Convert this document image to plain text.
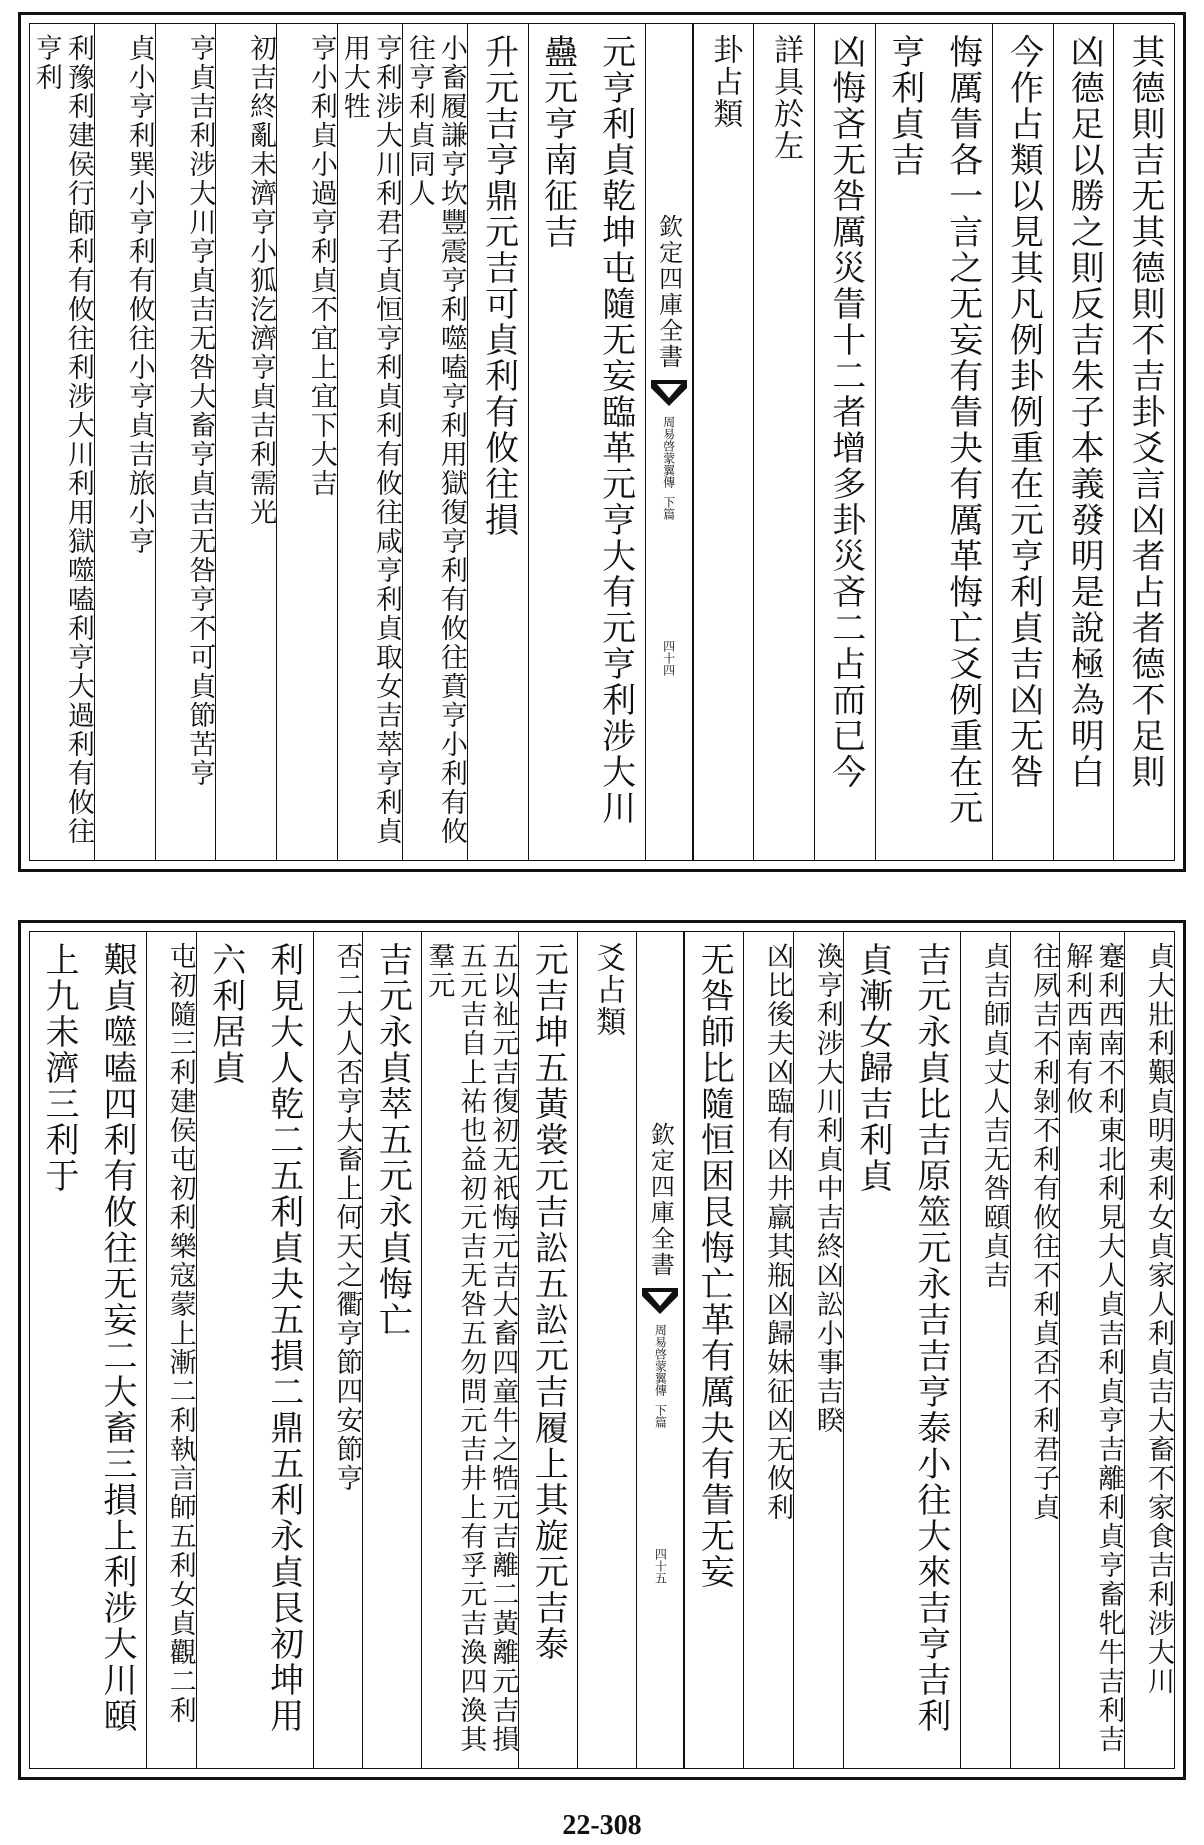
其德則吉无其德則不吉卦爻言凶者占者德不足則
凶德足以勝之則反吉朱子本義發明是說極為明白
今作占類以見其凡例卦例重在元亨利貞吉凶无咎
悔厲眚各一言之无妄有眚夬有厲革悔亡爻例重在元亨利貞吉
凶悔吝无咎厲災眚十二者增多卦災吝二占而已今
詳具於左
卦占類
欽定四庫全書周易啓蒙翼傳下篇四十四
元亨利貞乾坤屯隨无妄臨革元亨大有元亨利涉大川蠱元亨南征吉
升元吉亨鼎元吉可貞利有攸往損
小畜履謙亨坎豐震亨利噬嗑亨利用獄復亨利有攸往賁亨小利有攸往亨利貞同人
亨利涉大川利君子貞恒亨利貞利有攸往咸亨利貞取女吉萃亨利貞用大牲
亨小利貞小過亨利貞不宜上宜下大吉
初吉終亂未濟亨小狐汔濟亨貞吉利需光
亨貞吉利涉大川亨貞吉无咎大畜亨貞吉无咎亨不可貞節苦亨
貞小亨利巽小亨利有攸往小亨貞吉旅小亨
利豫利建侯行師利有攸往利涉大川利用獄噬嗑利亨大過利有攸往亨利
貞大壯利艱貞明夷利女貞家人利貞吉大畜不家食吉利涉大川
蹇利西南不利東北利見大人貞吉利貞亨吉離利貞亨畜牝牛吉利吉解利西南有攸
往夙吉不利剝不利有攸往不利貞否不利君子貞
貞吉師貞丈人吉无咎頤貞吉
吉元永貞比吉原筮元永吉吉亨泰小往大來吉亨吉利貞漸女歸吉利貞
渙亨利涉大川利貞中吉終凶訟小事吉睽
凶比後夫凶臨有凶井羸其瓶凶歸妹征凶无攸利
无咎師比隨恒困艮悔亡革有厲夬有眚无妄
欽定四庫全書周易啓蒙翼傳下篇四十五
爻占類
元吉坤五黃裳元吉訟五訟元吉履上其旋元吉泰
五以祉元吉復初无祇悔元吉大畜四童牛之牿元吉離二黃離元吉損五元吉自上祐也益初元吉无咎五勿問元吉井上有孚元吉渙四渙其羣元
吉元永貞萃五元永貞悔亡
否二大人否亨大畜上何天之衢亨節四安節亨
利見大人乾二五利貞夬五損二鼎五利永貞艮初坤用六利居貞
屯初隨三利建侯屯初利樂寇蒙上漸二利執言師五利女貞觀二利
艱貞噬嗑四利有攸往无妄二大畜三損上利涉大川頤上九未濟三利于
22-308
